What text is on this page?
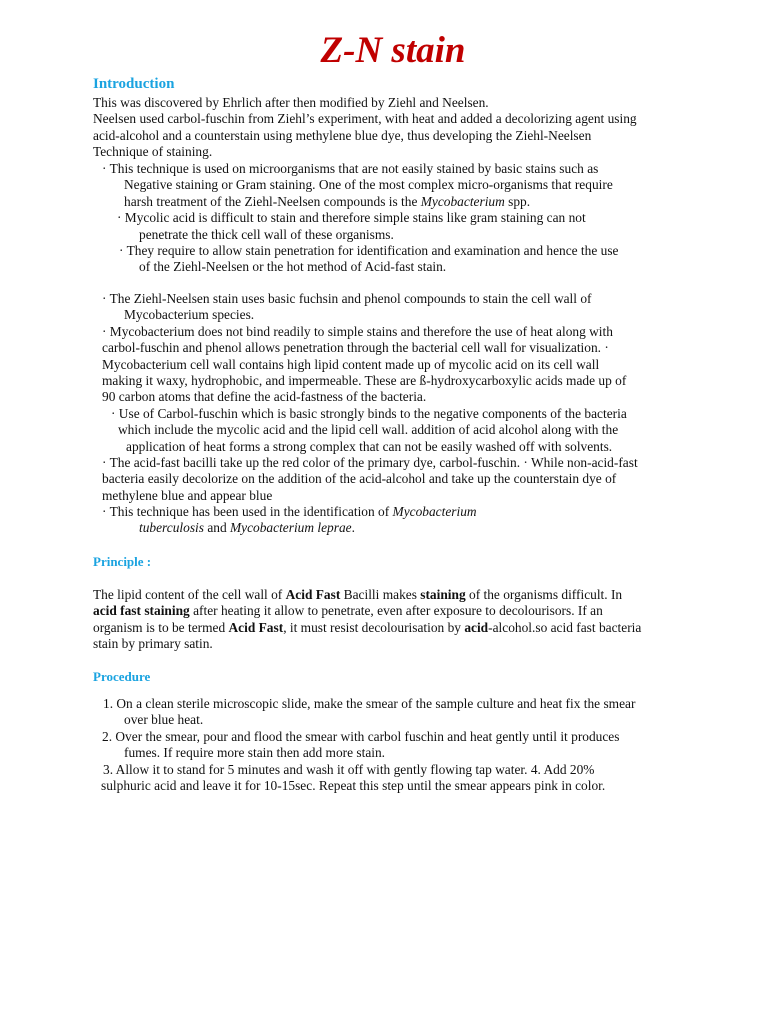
Z-N stain
Introduction
This was discovered by Ehrlich after then modified by Ziehl and Neelsen.
Neelsen used carbol-fuschin from Ziehl’s experiment, with heat and added a decolorizing agent using
acid-alcohol and a counterstain using methylene blue dye, thus developing the Ziehl-Neelsen
Technique of staining.
· This technique is used on microorganisms that are not easily stained by basic stains such as
Negative staining or Gram staining. One of the most complex micro-organisms that require
harsh treatment of the Ziehl-Neelsen compounds is the Mycobacterium spp.
· Mycolic acid is difficult to stain and therefore simple stains like gram staining can not
penetrate the thick cell wall of these organisms.
· They require to allow stain penetration for identification and examination and hence the use
of the Ziehl-Neelsen or the hot method of Acid-fast stain.
· The Ziehl-Neelsen stain uses basic fuchsin and phenol compounds to stain the cell wall of
Mycobacterium species.
· Mycobacterium does not bind readily to simple stains and therefore the use of heat along with
carbol-fuschin and phenol allows penetration through the bacterial cell wall for visualization. ·
Mycobacterium cell wall contains high lipid content made up of mycolic acid on its cell wall
making it waxy, hydrophobic, and impermeable. These are ß-hydroxycarboxylic acids made up of
90 carbon atoms that define the acid-fastness of the bacteria.
· Use of Carbol-fuschin which is basic strongly binds to the negative components of the bacteria
which include the mycolic acid and the lipid cell wall. addition of acid alcohol along with the
application of heat forms a strong complex that can not be easily washed off with solvents.
· The acid-fast bacilli take up the red color of the primary dye, carbol-fuschin. · While non-acid-fast
bacteria easily decolorize on the addition of the acid-alcohol and take up the counterstain dye of
methylene blue and appear blue
· This technique has been used in the identification of Mycobacterium
tuberculosis and Mycobacterium leprae.
Principle :
The lipid content of the cell wall of Acid Fast Bacilli makes staining of the organisms difficult. In
acid fast staining after heating it allow to penetrate, even after exposure to decolourisors. If an
organism is to be termed Acid Fast, it must resist decolourisation by acid-alcohol.so acid fast bacteria
stain by primary satin.
Procedure
1. On a clean sterile microscopic slide, make the smear of the sample culture and heat fix the smear
over blue heat.
2. Over the smear, pour and flood the smear with carbol fuschin and heat gently until it produces
fumes. If require more stain then add more stain.
3. Allow it to stand for 5 minutes and wash it off with gently flowing tap water. 4. Add 20%
sulphuric acid and leave it for 10-15sec. Repeat this step until the smear appears pink in color.
